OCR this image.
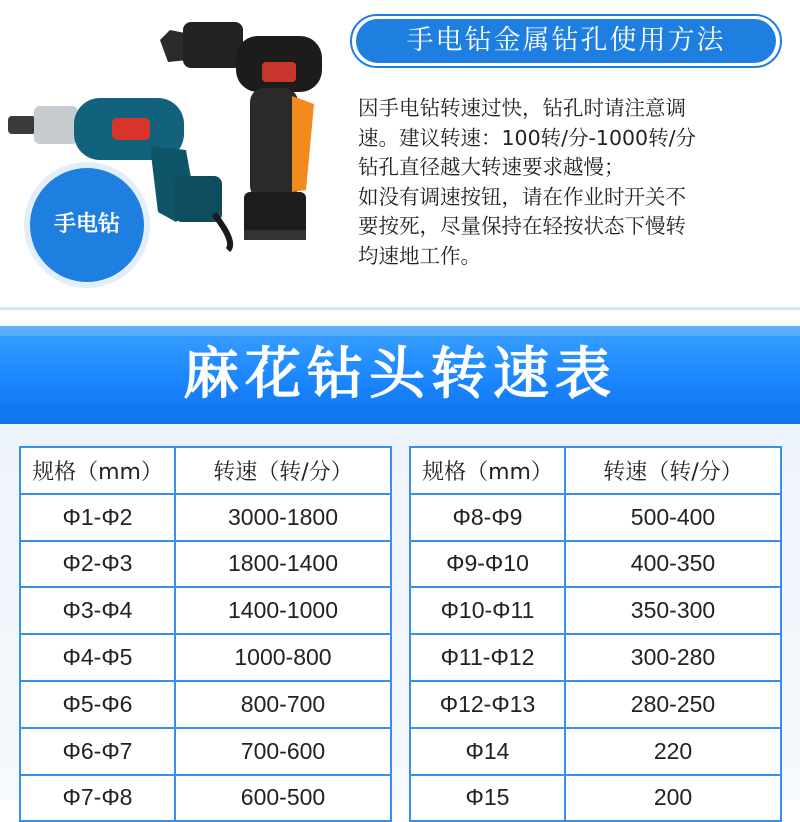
手电钻
手电钻金属钻孔使用方法

因手电钻转速过快，钻孔时请注意调

速。建议转速：100转/分-1000转/分

钻孔直径越大转速要求越慢；

如没有调速按钮，请在作业时开关不

要按死，尽量保持在轻按状态下慢转

均速地工作。

麻花钻头转速表
规格（mm）	转速（转/分）
Φ1-Φ2	3000-1800
Φ2-Φ3	1800-1400
Φ3-Φ4	1400-1000
Φ4-Φ5	1000-800
Φ5-Φ6	800-700
Φ6-Φ7	700-600
Φ7-Φ8	600-500
规格（mm）	转速（转/分）
Φ8-Φ9	500-400
Φ9-Φ10	400-350
Φ10-Φ11	350-300
Φ11-Φ12	300-280
Φ12-Φ13	280-250
Φ14	220
Φ15	200
